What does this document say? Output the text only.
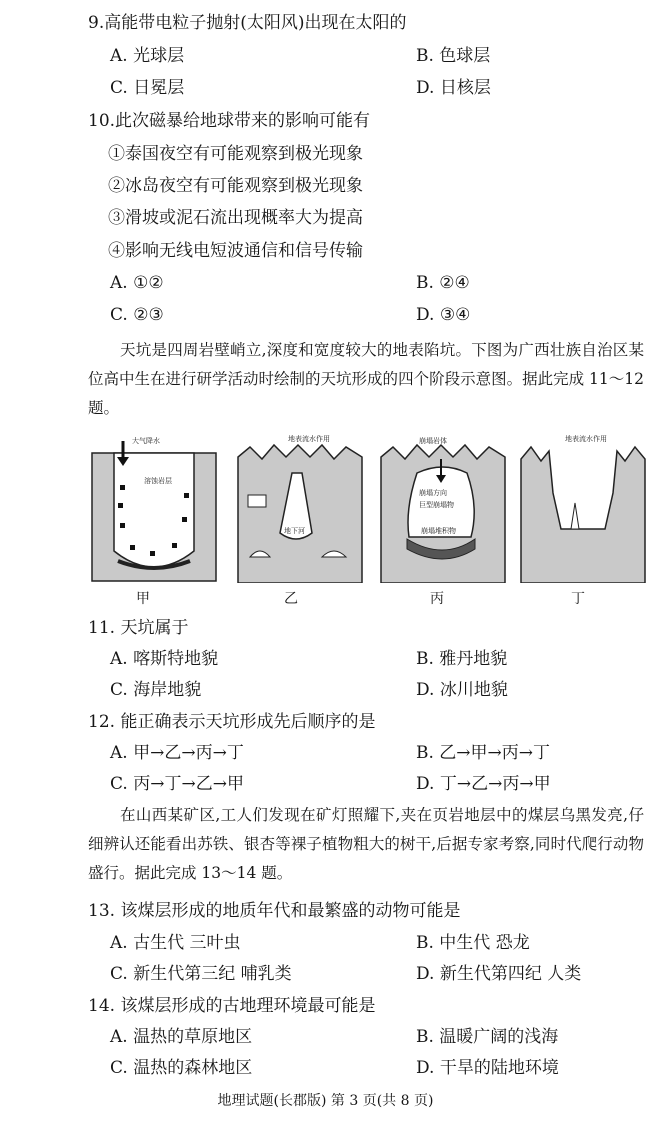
9.高能带电粒子抛射(太阳风)出现在太阳的
A. 光球层	B. 色球层
C. 日冕层	D. 日核层
10.此次磁暴给地球带来的影响可能有
①泰国夜空有可能观察到极光现象
②冰岛夜空有可能观察到极光现象
③滑坡或泥石流出现概率大为提高
④影响无线电短波通信和信号传输
A. ①②	B. ②④
C. ②③	D. ③④
天坑是四周岩壁峭立,深度和宽度较大的地表陷坑。下图为广西壮族自治区某位高中生在进行研学活动时绘制的天坑形成的四个阶段示意图。据此完成 11～12 题。
大气降水
溶蚀岩层
地表流水作用
地下河
崩塌岩体
崩塌方向
巨型崩塌物
崩塌堆积物
地表流水作用
甲	乙	丙	丁
11. 天坑属于
A. 喀斯特地貌	B. 雅丹地貌
C. 海岸地貌	D. 冰川地貌
12. 能正确表示天坑形成先后顺序的是
A. 甲→乙→丙→丁	B. 乙→甲→丙→丁
C. 丙→丁→乙→甲	D. 丁→乙→丙→甲
在山西某矿区,工人们发现在矿灯照耀下,夹在页岩地层中的煤层乌黑发亮,仔细辨认还能看出苏铁、银杏等裸子植物粗大的树干,后据专家考察,同时代爬行动物盛行。据此完成 13～14 题。
13. 该煤层形成的地质年代和最繁盛的动物可能是
A. 古生代 三叶虫	B. 中生代 恐龙
C. 新生代第三纪 哺乳类	D. 新生代第四纪 人类
14. 该煤层形成的古地理环境最可能是
A. 温热的草原地区	B. 温暖广阔的浅海
C. 温热的森林地区	D. 干旱的陆地环境
地理试题(长郡版) 第 3 页(共 8 页)
